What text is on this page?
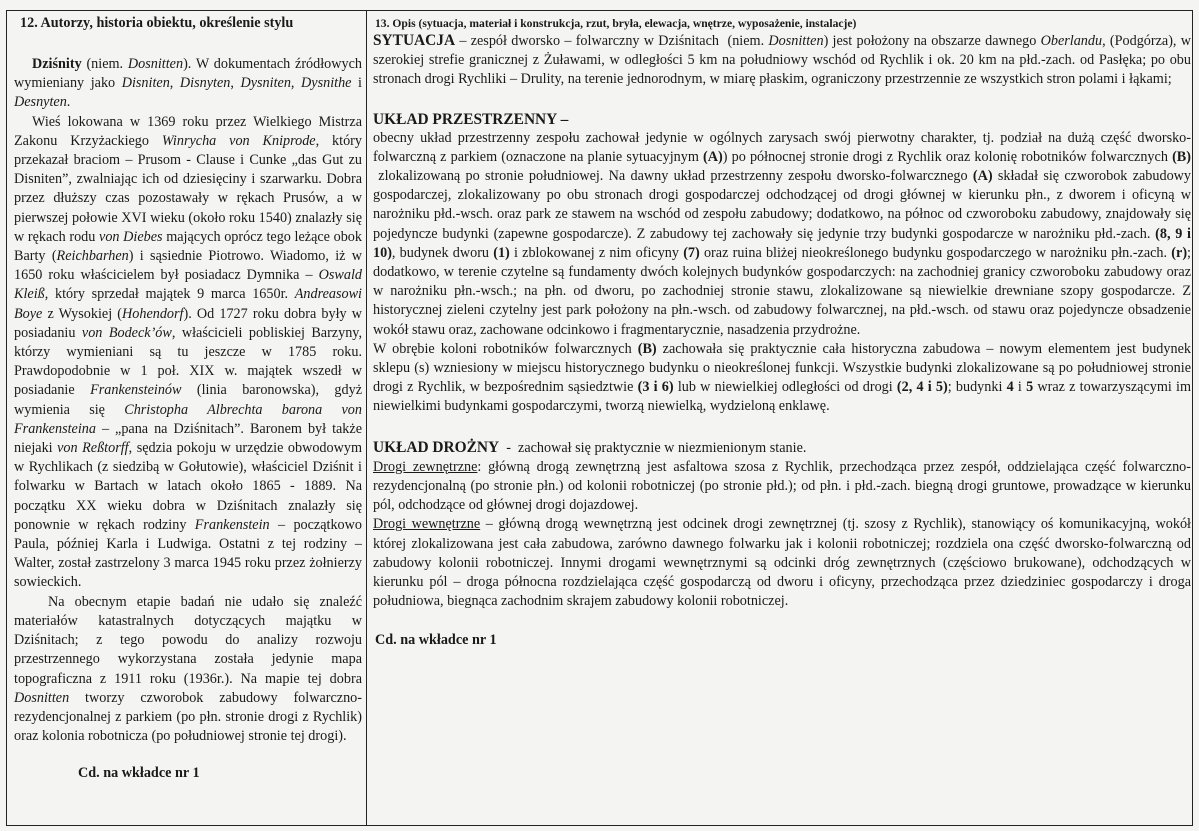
12. Autorzy, historia obiektu, określenie stylu

Dziśnity (niem. Dosnitten). W dokumentach źródłowych wymieniany jako Disniten, Disnyten, Dysniten, Dysnithe i Desnyten.

Wieś lokowana w 1369 roku przez Wielkiego Mistrza Zakonu Krzyżackiego Winrycha von Kniprode, który przekazał braciom – Prusom - Clause i Cunke „das Gut zu Disniten”, zwalniając ich od dziesięciny i szarwarku. Dobra przez dłuższy czas pozostawały w rękach Prusów, a w pierwszej połowie XVI wieku (około roku 1540) znalazły się w rękach rodu von Diebes mających oprócz tego leżące obok Barty (Reichbarhen) i sąsiednie Piotrowo. Wiadomo, iż w 1650 roku właścicielem był posiadacz Dymnika – Oswald Kleiß, który sprzedał majątek 9 marca 1650r. Andreasowi Boye z Wysokiej (Hohendorf). Od 1727 roku dobra były w posiadaniu von Bodeck’ów, właścicieli pobliskiej Barzyny, którzy wymieniani są tu jeszcze w 1785 roku. Prawdopodobnie w 1 poł. XIX w. majątek wszedł w posiadanie Frankensteinów (linia baronowska), gdyż wymienia się Christopha Albrechta barona von Frankensteina – „pana na Dziśnitach”. Baronem był także niejaki von Reßtorff, sędzia pokoju w urzędzie obwodowym w Rychlikach (z siedzibą w Gołutowie), właściciel Dziśnit i folwarku w Bartach w latach około 1865 - 1889. Na początku XX wieku dobra w Dziśnitach znalazły się ponownie w rękach rodziny Frankenstein – początkowo Paula, później Karla i Ludwiga. Ostatni z tej rodziny – Walter, został zastrzelony 3 marca 1945 roku przez żołnierzy sowieckich.

Na obecnym etapie badań nie udało się znaleźć materiałów katastralnych dotyczących majątku w Dziśnitach; z tego powodu do analizy rozwoju przestrzennego wykorzystana została jedynie mapa topograficzna z 1911 roku (1936r.). Na mapie tej dobra Dosnitten tworzy czworobok zabudowy folwarczno-rezydencjonalnej z parkiem (po płn. stronie drogi z Rychlik) oraz kolonia robotnicza (po południowej stronie tej drogi).

Cd. na wkładce nr 1

13. Opis (sytuacja, materiał i konstrukcja, rzut, bryła, elewacja, wnętrze, wyposażenie, instalacje)

SYTUACJA – zespół dworsko – folwarczny w Dziśnitach  (niem. Dosnitten) jest położony na obszarze dawnego Oberlandu, (Podgórza), w szerokiej strefie granicznej z Żuławami, w odległości 5 km na południowy wschód od Rychlik i ok. 20 km na płd.-zach. od Pasłęka; po obu stronach drogi Rychliki – Drulity, na terenie jednorodnym, w miarę płaskim, ograniczony przestrzennie ze wszystkich stron polami i łąkami;

UKŁAD PRZESTRZENNY –

obecny układ przestrzenny zespołu zachował jedynie w ogólnych zarysach swój pierwotny charakter, tj. podział na dużą część dworsko-folwarczną z parkiem (oznaczone na planie sytuacyjnym (A)) po północnej stronie drogi z Rychlik oraz kolonię robotników folwarcznych (B)  zlokalizowaną po stronie południowej. Na dawny układ przestrzenny zespołu dworsko-folwarcznego (A) składał się czworobok zabudowy gospodarczej, zlokalizowany po obu stronach drogi gospodarczej odchodzącej od drogi głównej w kierunku płn., z dworem i oficyną w narożniku płd.-wsch. oraz park ze stawem na wschód od zespołu zabudowy; dodatkowo, na północ od czworoboku zabudowy, znajdowały się pojedyncze budynki (zapewne gospodarcze). Z zabudowy tej zachowały się jedynie trzy budynki gospodarcze w narożniku płd.-zach. (8, 9 i 10), budynek dworu (1) i zblokowanej z nim oficyny (7) oraz ruina bliżej nieokreślonego budynku gospodarczego w narożniku płn.-zach. (r); dodatkowo, w terenie czytelne są fundamenty dwóch kolejnych budynków gospodarczych: na zachodniej granicy czworoboku zabudowy oraz w narożniku płn.-wsch.; na płn. od dworu, po zachodniej stronie stawu, zlokalizowane są niewielkie drewniane szopy gospodarcze. Z historycznej zieleni czytelny jest park położony na płn.-wsch. od zabudowy folwarcznej, na płd.-wsch. od stawu oraz pojedyncze obsadzenie wokół stawu oraz, zachowane odcinkowo i fragmentarycznie, nasadzenia przydrożne.

W obrębie koloni robotników folwarcznych (B) zachowała się praktycznie cała historyczna zabudowa – nowym elementem jest budynek sklepu (s) wzniesiony w miejscu historycznego budynku o nieokreślonej funkcji. Wszystkie budynki zlokalizowane są po południowej stronie drogi z Rychlik, w bezpośrednim sąsiedztwie (3 i 6) lub w niewielkiej odległości od drogi (2, 4 i 5); budynki 4 i 5 wraz z towarzyszącymi im niewielkimi budynkami gospodarczymi, tworzą niewielką, wydzieloną enklawę.

UKŁAD DROŻNY  -  zachował się praktycznie w niezmienionym stanie.

Drogi zewnętrzne: główną drogą zewnętrzną jest asfaltowa szosa z Rychlik, przechodząca przez zespół, oddzielająca część folwarczno-rezydencjonalną (po stronie płn.) od kolonii robotniczej (po stronie płd.); od płn. i płd.-zach. biegną drogi gruntowe, prowadzące w kierunku pól, odchodzące od głównej drogi dojazdowej.

Drogi wewnętrzne – główną drogą wewnętrzną jest odcinek drogi zewnętrznej (tj. szosy z Rychlik), stanowiący oś komunikacyjną, wokół której zlokalizowana jest cała zabudowa, zarówno dawnego folwarku jak i kolonii robotniczej; rozdziela ona część dworsko-folwarczną od zabudowy kolonii robotniczej. Innymi drogami wewnętrznymi są odcinki dróg zewnętrznych (częściowo brukowane), odchodzących w kierunku pól – droga północna rozdzielająca część gospodarczą od dworu i oficyny, przechodząca przez dziedziniec gospodarczy i droga południowa, biegnąca zachodnim skrajem zabudowy kolonii robotniczej.

Cd. na wkładce nr 1
